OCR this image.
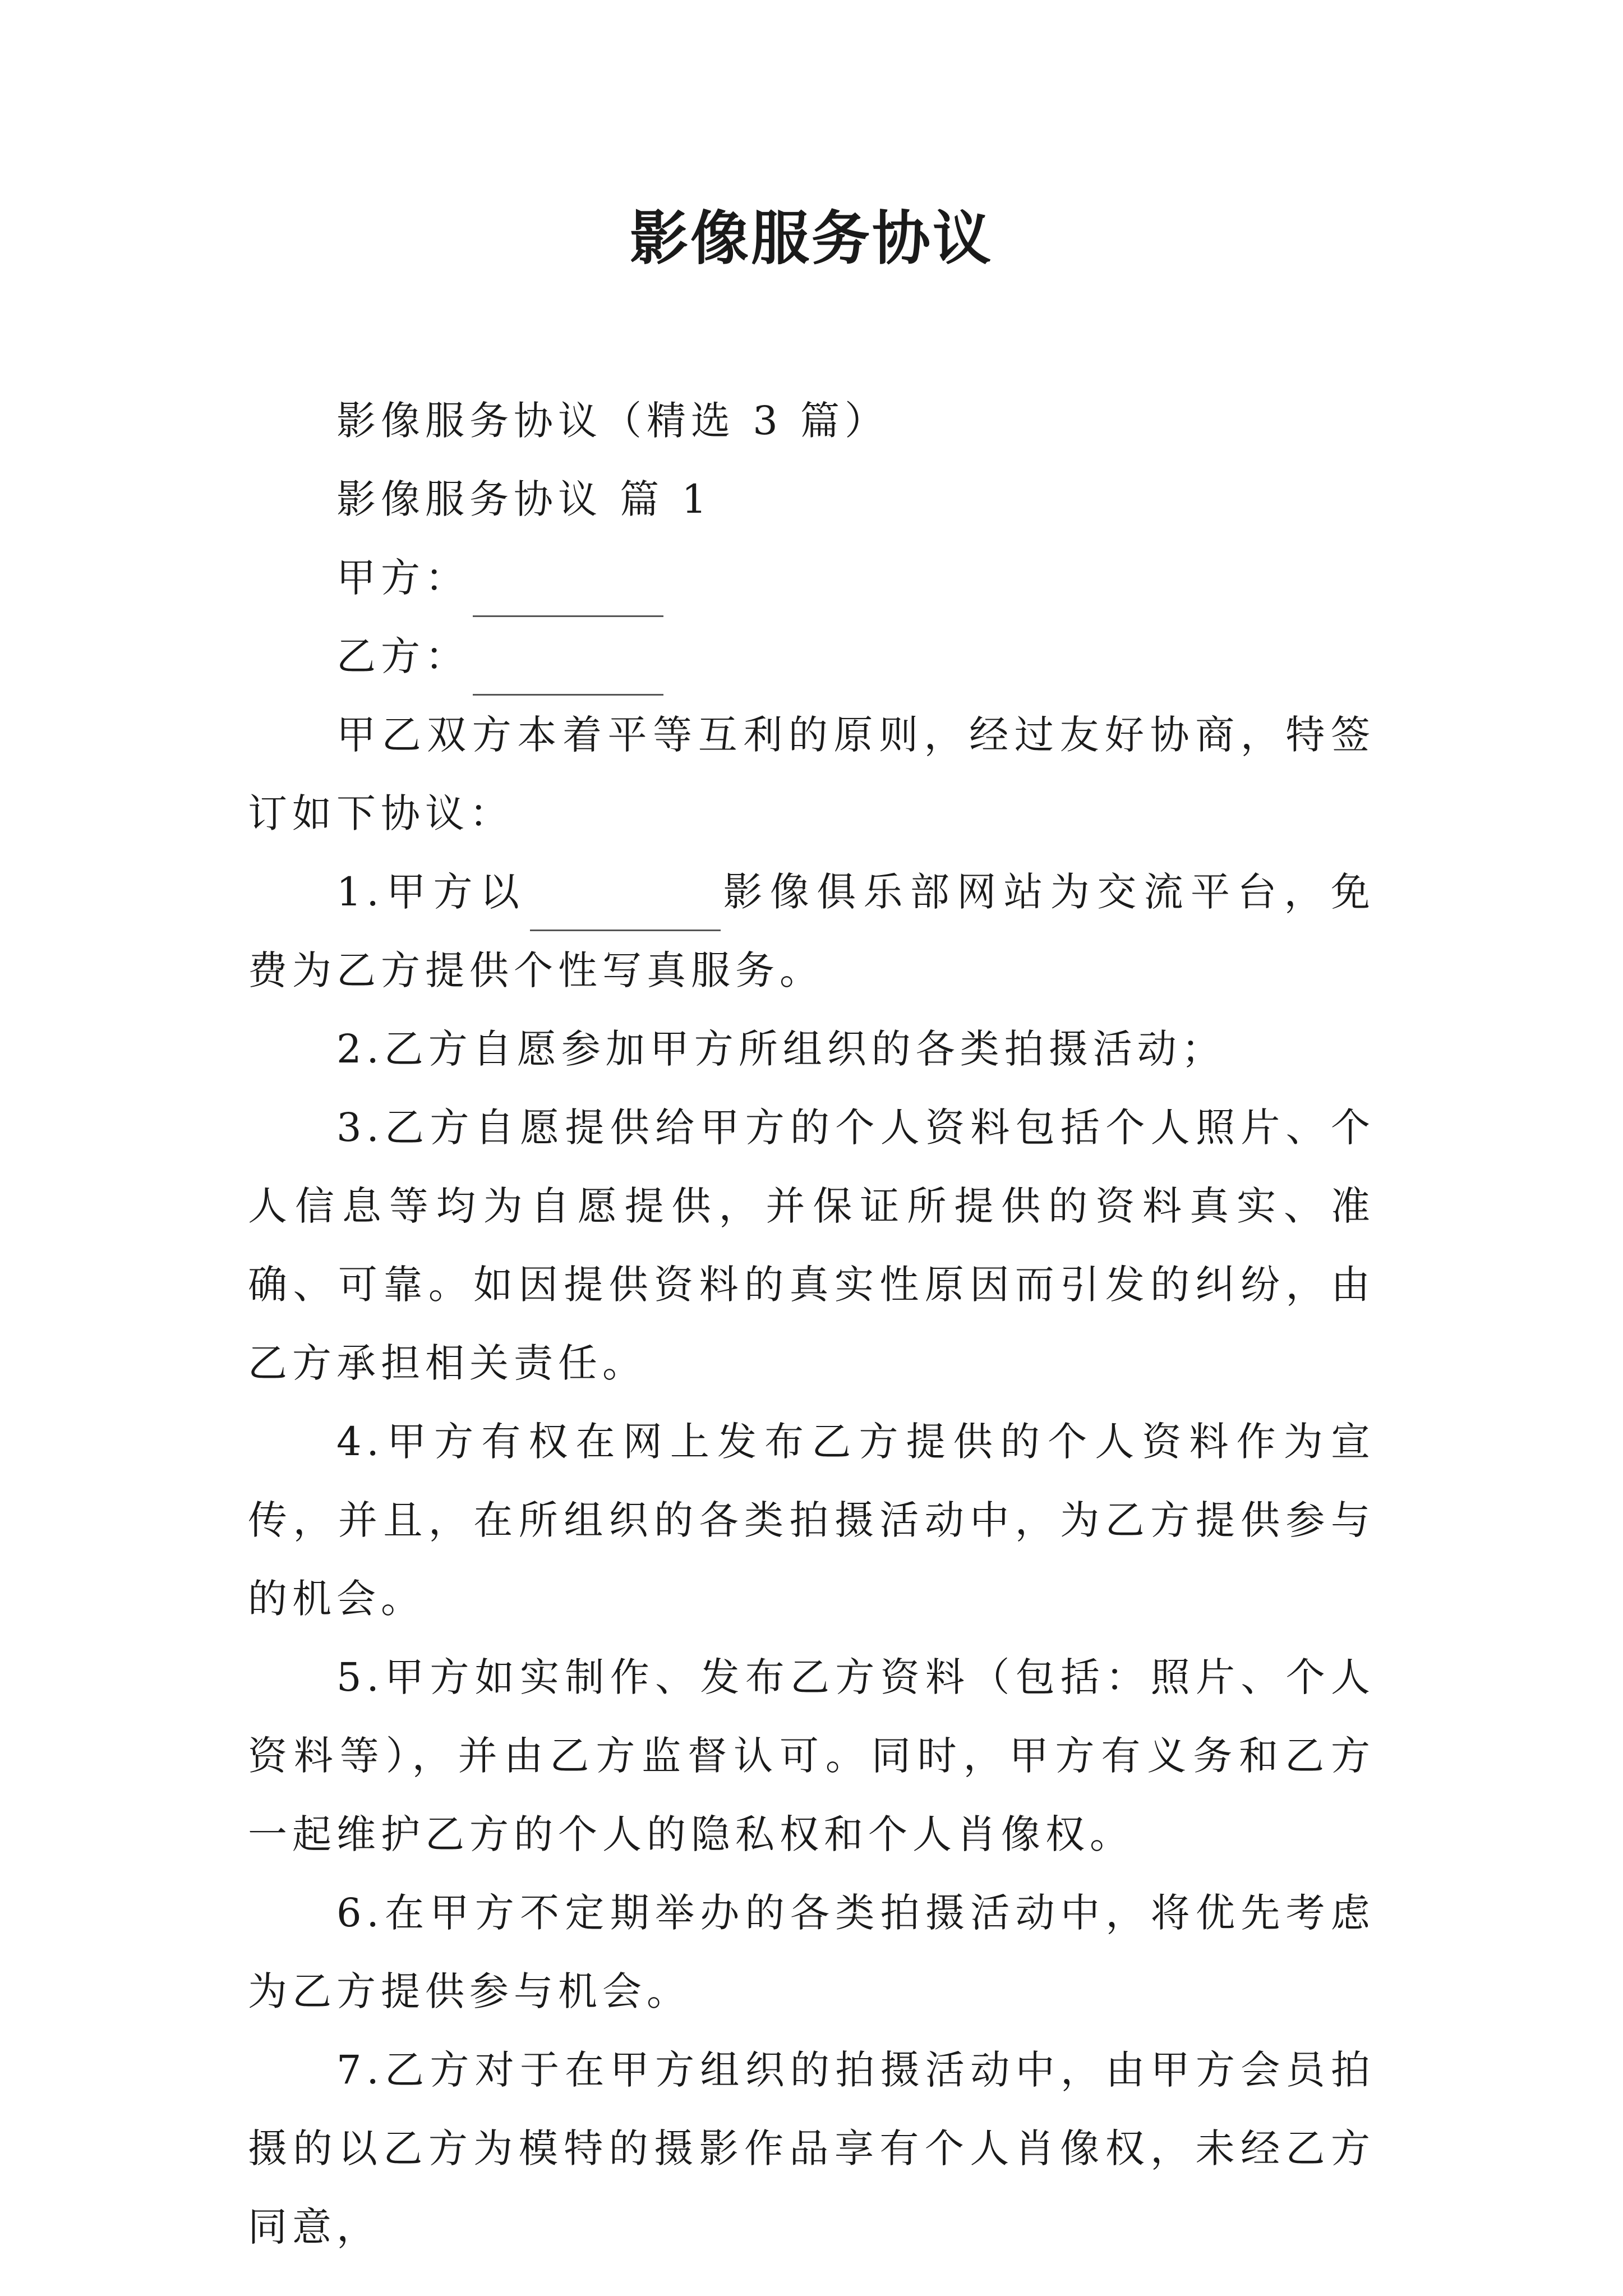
影像服务协议

影像服务协议（精选 3 篇）

影像服务协议 篇 1

甲方：

乙方：

甲乙双方本着平等互利的原则，经过友好协商，特签订如下协议：

1.甲方以	影像俱乐部网站为交流平台，免费为乙方提供个性写真服务。

2.乙方自愿参加甲方所组织的各类拍摄活动；

3.乙方自愿提供给甲方的个人资料包括个人照片、个人信息等均为自愿提供，并保证所提供的资料真实、准确、可靠。如因提供资料的真实性原因而引发的纠纷，由乙方承担相关责任。

4.甲方有权在网上发布乙方提供的个人资料作为宣传，并且，在所组织的各类拍摄活动中，为乙方提供参与的机会。

5.甲方如实制作、发布乙方资料（包括：照片、个人资料等），并由乙方监督认可。同时，甲方有义务和乙方一起维护乙方的个人的隐私权和个人肖像权。

6.在甲方不定期举办的各类拍摄活动中，将优先考虑为乙方提供参与机会。

7.乙方对于在甲方组织的拍摄活动中，由甲方会员拍摄的以乙方为模特的摄影作品享有个人肖像权，未经乙方同意，
